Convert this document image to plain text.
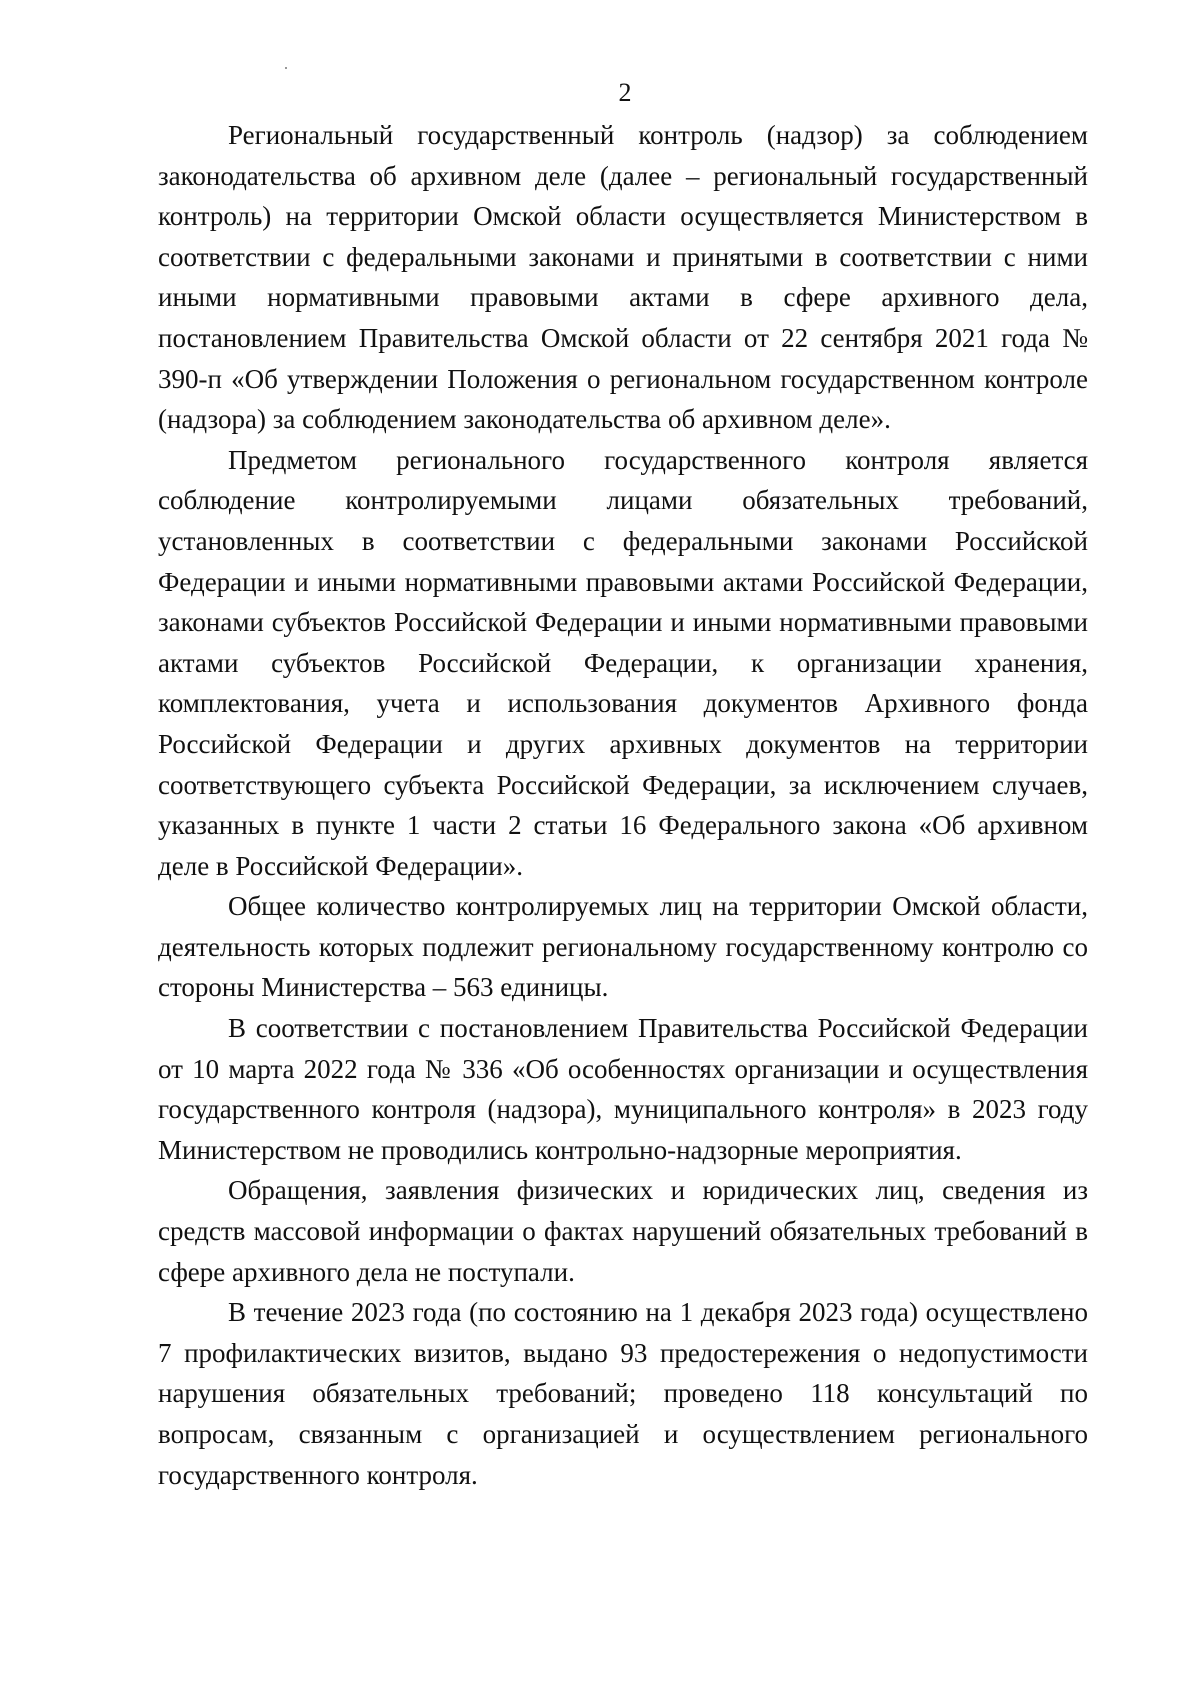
2

Региональный государственный контроль (надзор) за соблюдением законодательства об архивном деле (далее – региональный государственный контроль) на территории Омской области осуществляется Министерством в соответствии с федеральными законами и принятыми в соответствии с ними иными нормативными правовыми актами в сфере архивного дела, постановлением Правительства Омской области от 22 сентября 2021 года № 390-п «Об утверждении Положения о региональном государственном контроле (надзора) за соблюдением законодательства об архивном деле».

Предметом регионального государственного контроля является соблюдение контролируемыми лицами обязательных требований, установленных в соответствии с федеральными законами Российской Федерации и иными нормативными правовыми актами Российской Федерации, законами субъектов Российской Федерации и иными нормативными правовыми актами субъектов Российской Федерации, к организации хранения, комплектования, учета и использования документов Архивного фонда Российской Федерации и других архивных документов на территории соответствующего субъекта Российской Федерации, за исключением случаев, указанных в пункте 1 части 2 статьи 16 Федерального закона «Об архивном деле в Российской Федерации».

Общее количество контролируемых лиц на территории Омской области, деятельность которых подлежит региональному государственному контролю со стороны Министерства – 563 единицы.

В соответствии с постановлением Правительства Российской Федерации от 10 марта 2022 года № 336 «Об особенностях организации и осуществления государственного контроля (надзора), муниципального контроля» в 2023 году Министерством не проводились контрольно-надзорные мероприятия.

Обращения, заявления физических и юридических лиц, сведения из средств массовой информации о фактах нарушений обязательных требований в сфере архивного дела не поступали.

В течение 2023 года (по состоянию на 1 декабря 2023 года) осуществлено 7 профилактических визитов, выдано 93 предостережения о недопустимости нарушения обязательных требований; проведено 118 консультаций по вопросам, связанным с организацией и осуществлением регионального государственного контроля.
